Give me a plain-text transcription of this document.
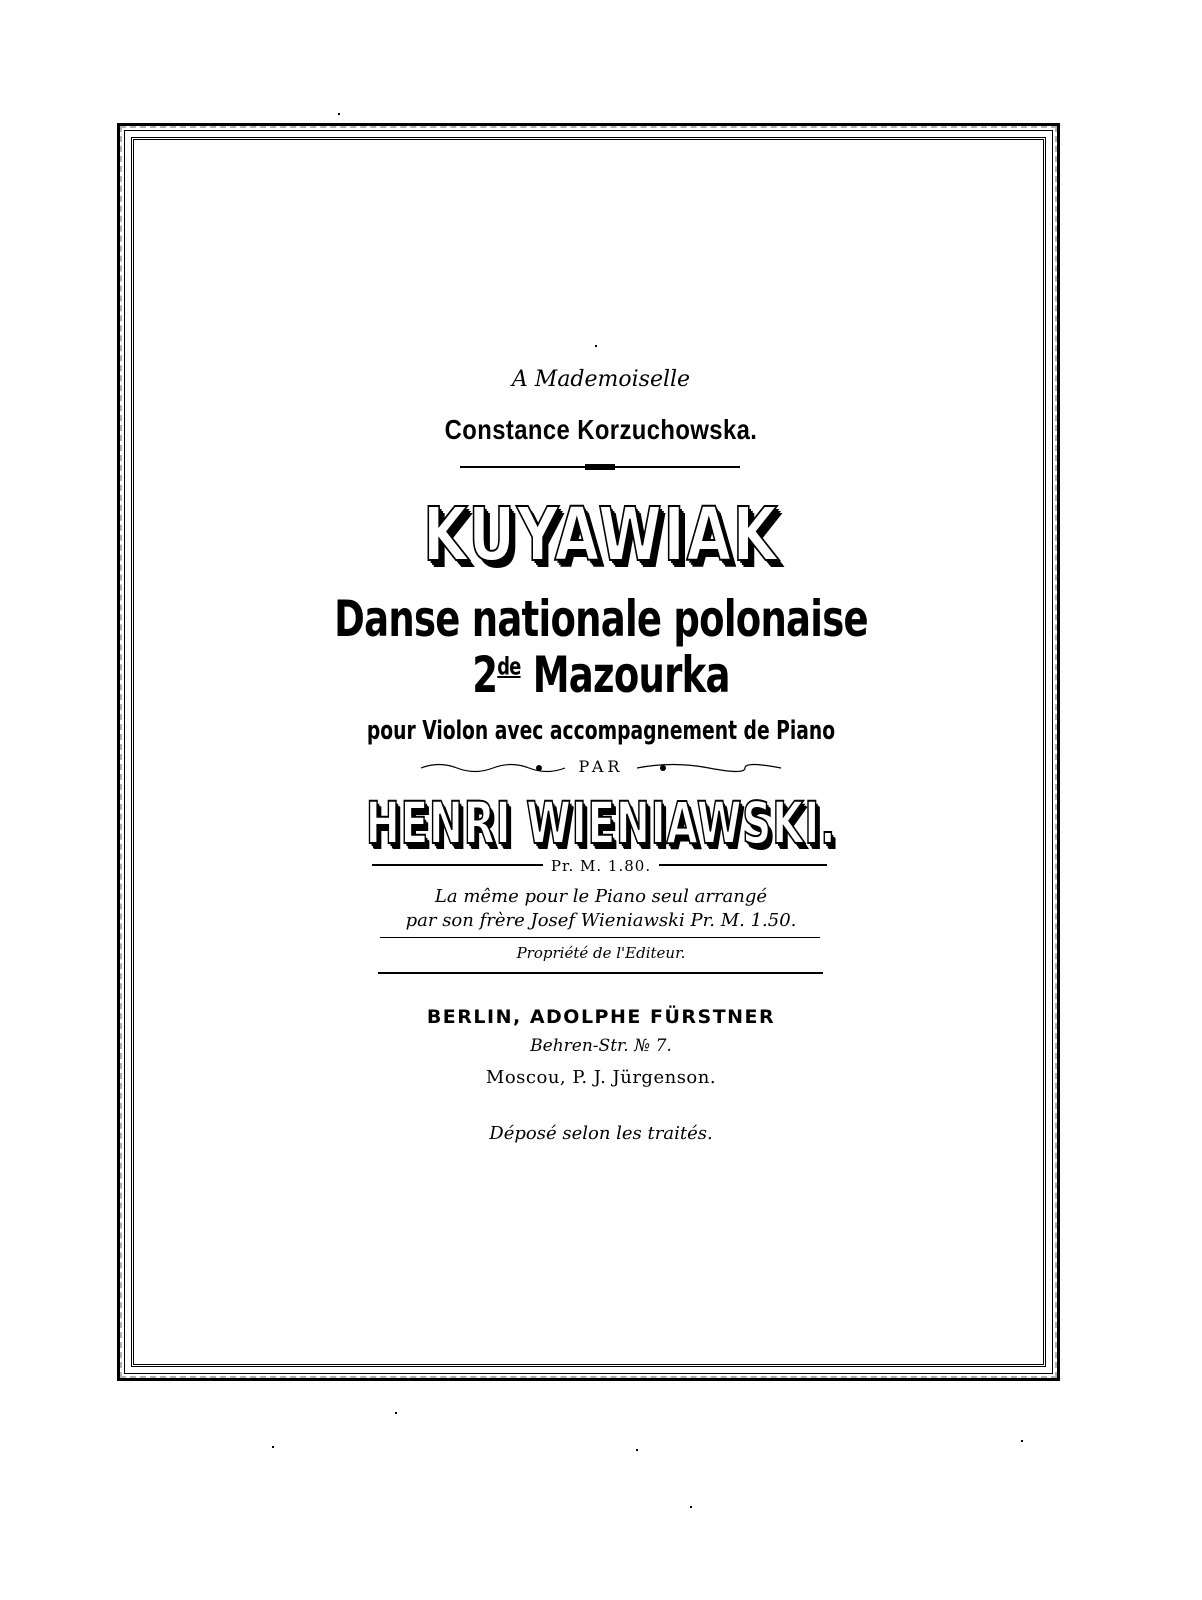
A Mademoiselle
Constance Korzuchowska.
KUYAWIAK
Danse nationale polonaise
2de Mazourka
pour Violon avec accompagnement de Piano
PAR
HENRI WIENIAWSKI.
Pr. M. 1.80.
La même pour le Piano seul arrangé
par son frère Josef Wieniawski Pr. M. 1.50.
Propriété de l'Editeur.
BERLIN, ADOLPHE FÜRSTNER
Behren-Str. № 7.
Moscou, P. J. Jürgenson.
Déposé selon les traités.
